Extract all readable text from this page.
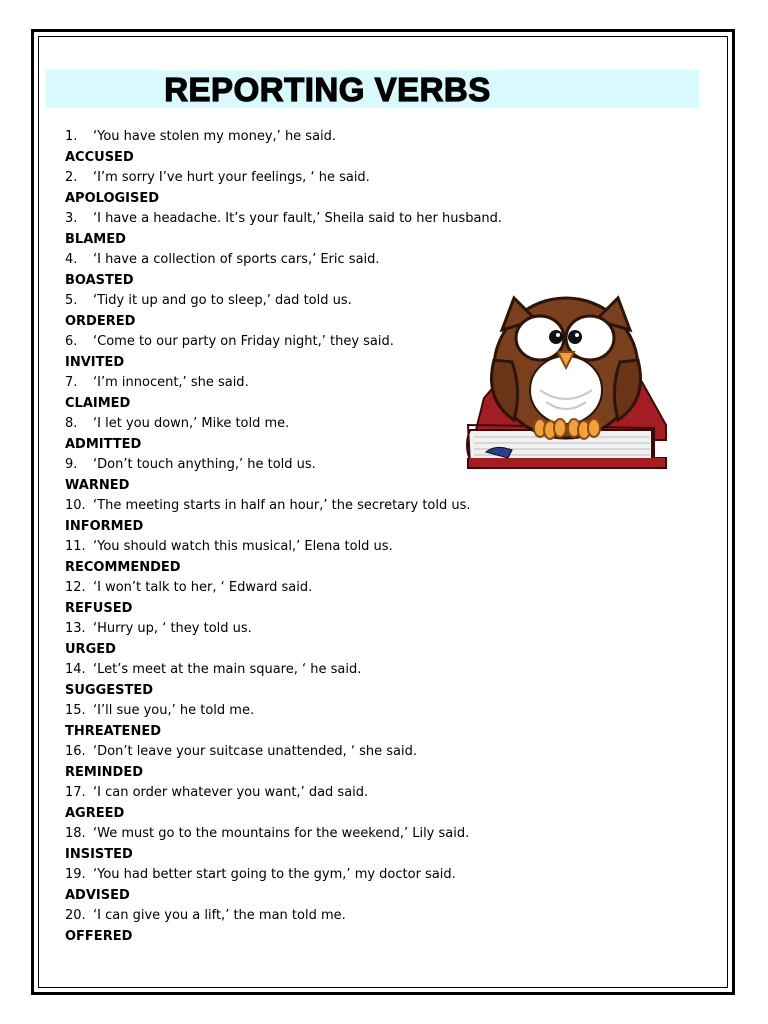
REPORTING VERBS
1. ‘You have stolen my money,’ he said.
ACCUSED
2. ‘I’m sorry I’ve hurt your feelings, ‘ he said.
APOLOGISED
3. ‘I have a headache. It’s your fault,’ Sheila said to her husband.
BLAMED
4. ‘I have a collection of sports cars,’ Eric said.
BOASTED
5. ‘Tidy it up and go to sleep,’ dad told us.
ORDERED
6. ‘Come to our party on Friday night,’ they said.
INVITED
7. ‘I’m innocent,’ she said.
CLAIMED
8. ‘I let you down,’ Mike told me.
ADMITTED
9. ‘Don’t touch anything,’ he told us.
WARNED
10. ‘The meeting starts in half an hour,’ the secretary told us.
INFORMED
11. ‘You should watch this musical,’ Elena told us.
RECOMMENDED
12. ‘I won’t talk to her, ‘ Edward said.
REFUSED
13. ‘Hurry up, ‘ they told us.
URGED
14. ‘Let’s meet at the main square, ‘ he said.
SUGGESTED
15. ‘I’ll sue you,’ he told me.
THREATENED
16. ‘Don’t leave your suitcase unattended, ‘ she said.
REMINDED
17. ‘I can order whatever you want,’ dad said.
AGREED
18. ‘We must go to the mountains for the weekend,’ Lily said.
INSISTED
19. ‘You had better start going to the gym,’ my doctor said.
ADVISED
20. ‘I can give you a lift,’ the man told me.
OFFERED
